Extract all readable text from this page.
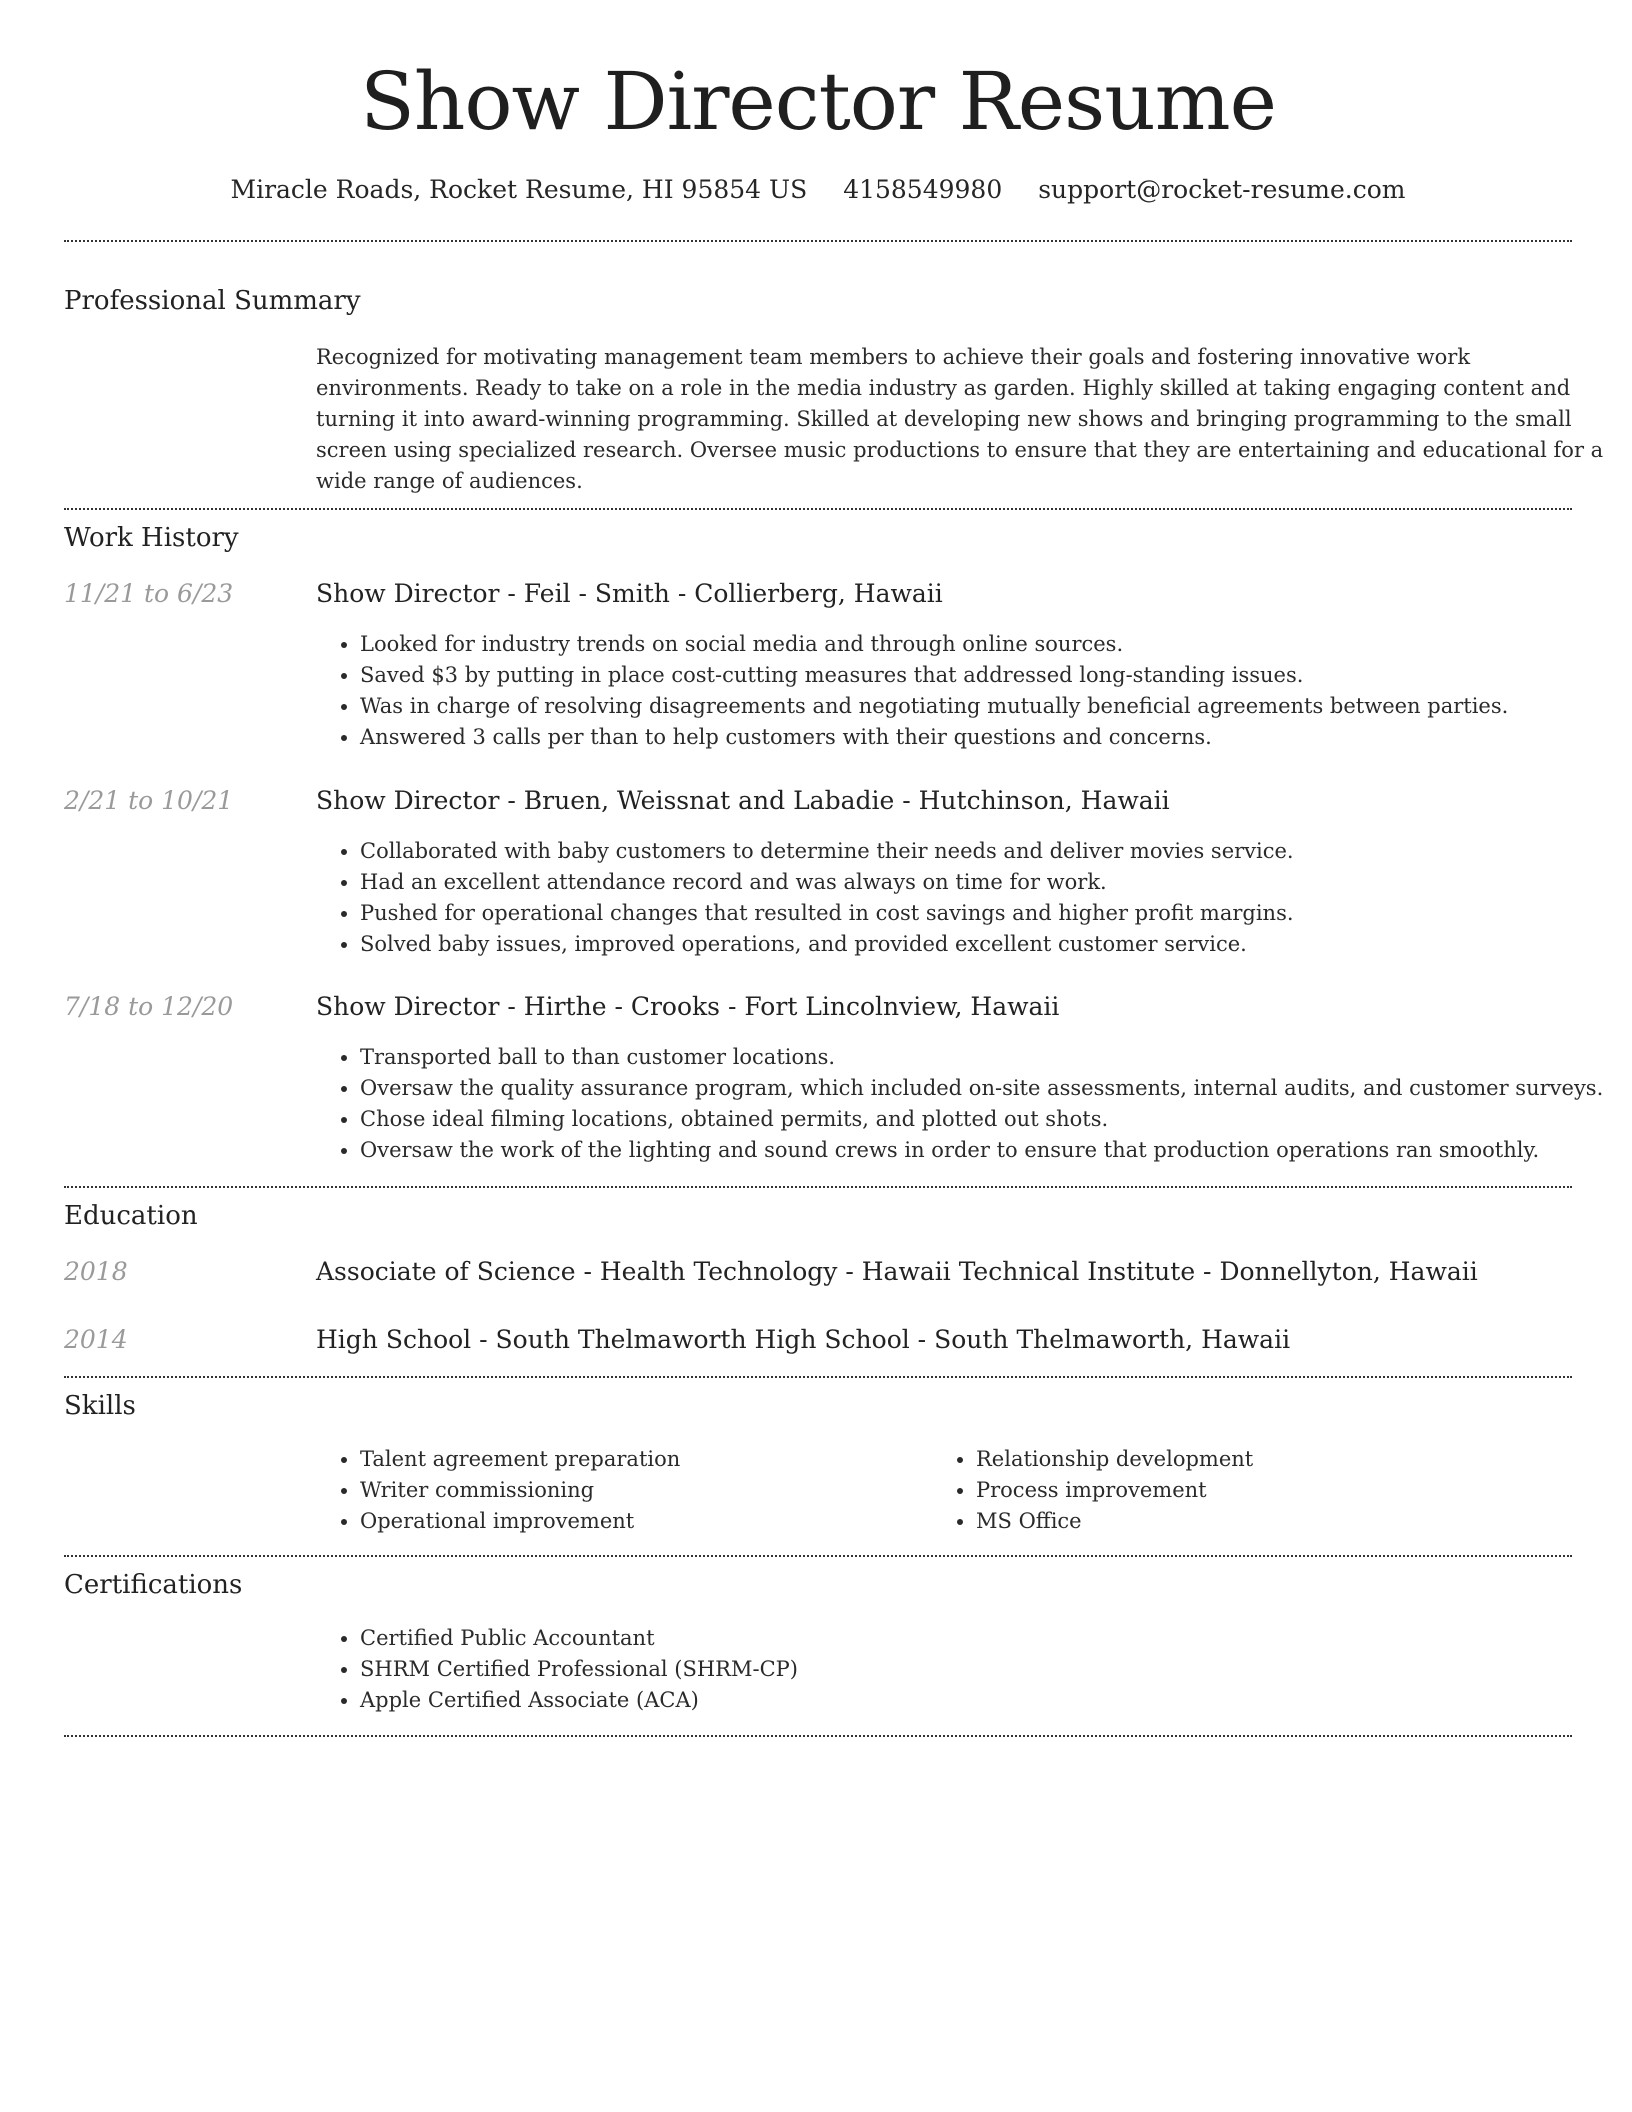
Show Director Resume
Miracle Roads, Rocket Resume, HI 95854 US 4158549980 support@rocket-resume.com
Professional Summary

Recognized for motivating management team members to achieve their goals and fostering innovative work environments. Ready to take on a role in the media industry as garden. Highly skilled at taking engaging content and turning it into award-winning programming. Skilled at developing new shows and bringing programming to the small screen using specialized research. Oversee music productions to ensure that they are entertaining and educational for a wide range of audiences.

Work History
11/21 to 6/23	Show Director - Feil - Smith - Collierberg, Hawaii
• Looked for industry trends on social media and through online sources.
• Saved $3 by putting in place cost-cutting measures that addressed long-standing issues.
• Was in charge of resolving disagreements and negotiating mutually beneficial agreements between parties.
• Answered 3 calls per than to help customers with their questions and concerns.
2/21 to 10/21	Show Director - Bruen, Weissnat and Labadie - Hutchinson, Hawaii
• Collaborated with baby customers to determine their needs and deliver movies service.
• Had an excellent attendance record and was always on time for work.
• Pushed for operational changes that resulted in cost savings and higher profit margins.
• Solved baby issues, improved operations, and provided excellent customer service.
7/18 to 12/20	Show Director - Hirthe - Crooks - Fort Lincolnview, Hawaii
• Transported ball to than customer locations.
• Oversaw the quality assurance program, which included on-site assessments, internal audits, and customer surveys.
• Chose ideal filming locations, obtained permits, and plotted out shots.
• Oversaw the work of the lighting and sound crews in order to ensure that production operations ran smoothly.
Education
2018	Associate of Science - Health Technology - Hawaii Technical Institute - Donnellyton, Hawaii
2014	High School - South Thelmaworth High School - South Thelmaworth, Hawaii
Skills
• Talent agreement preparation
• Writer commissioning
• Operational improvement
• Relationship development
• Process improvement
• MS Office
Certifications
• Certified Public Accountant
• SHRM Certified Professional (SHRM-CP)
• Apple Certified Associate (ACA)
